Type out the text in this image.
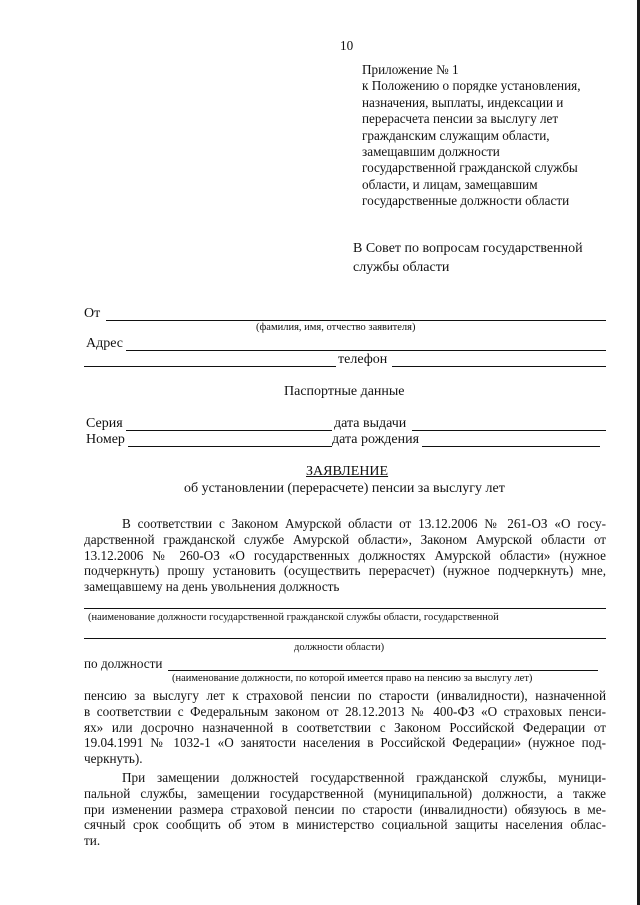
10
Приложение № 1
к Положению о порядке установления,
назначения, выплаты, индексации и
перерасчета пенсии за выслугу лет
гражданским служащим области,
замещавшим должности
государственной гражданской службы
области, и лицам, замещавшим
государственные должности области
В Совет по вопросам государственной
службы области
От
(фамилия, имя, отчество заявителя)
Адрес
телефон
Паспортные данные
Серия	дата выдачи
Номер	дата рождения
ЗАЯВЛЕНИЕ
об установлении (перерасчете) пенсии за выслугу лет
В соответствии с Законом Амурской области от 13.12.2006 № 261-ОЗ «О госу-
дарственной гражданской службе Амурской области», Законом Амурской области от
13.12.2006 № 260-ОЗ «О государственных должностях Амурской области» (нужное
подчеркнуть) прошу установить (осуществить перерасчет) (нужное подчеркнуть) мне,
замещавшему на день увольнения должность
(наименование должности государственной гражданской службы области, государственной
должности области)
по должности
(наименование должности, по которой имеется право на пенсию за выслугу лет)
пенсию за выслугу лет к страховой пенсии по старости (инвалидности), назначенной
в соответствии с Федеральным законом от 28.12.2013 № 400-ФЗ «О страховых пенси-
ях» или досрочно назначенной в соответствии с Законом Российской Федерации от
19.04.1991 № 1032-1 «О занятости населения в Российской Федерации» (нужное под-
черкнуть).
При замещении должностей государственной гражданской службы, муници-
пальной службы, замещении государственной (муниципальной) должности, а также
при изменении размера страховой пенсии по старости (инвалидности) обязуюсь в ме-
сячный срок сообщить об этом в министерство социальной защиты населения облас-
ти.
